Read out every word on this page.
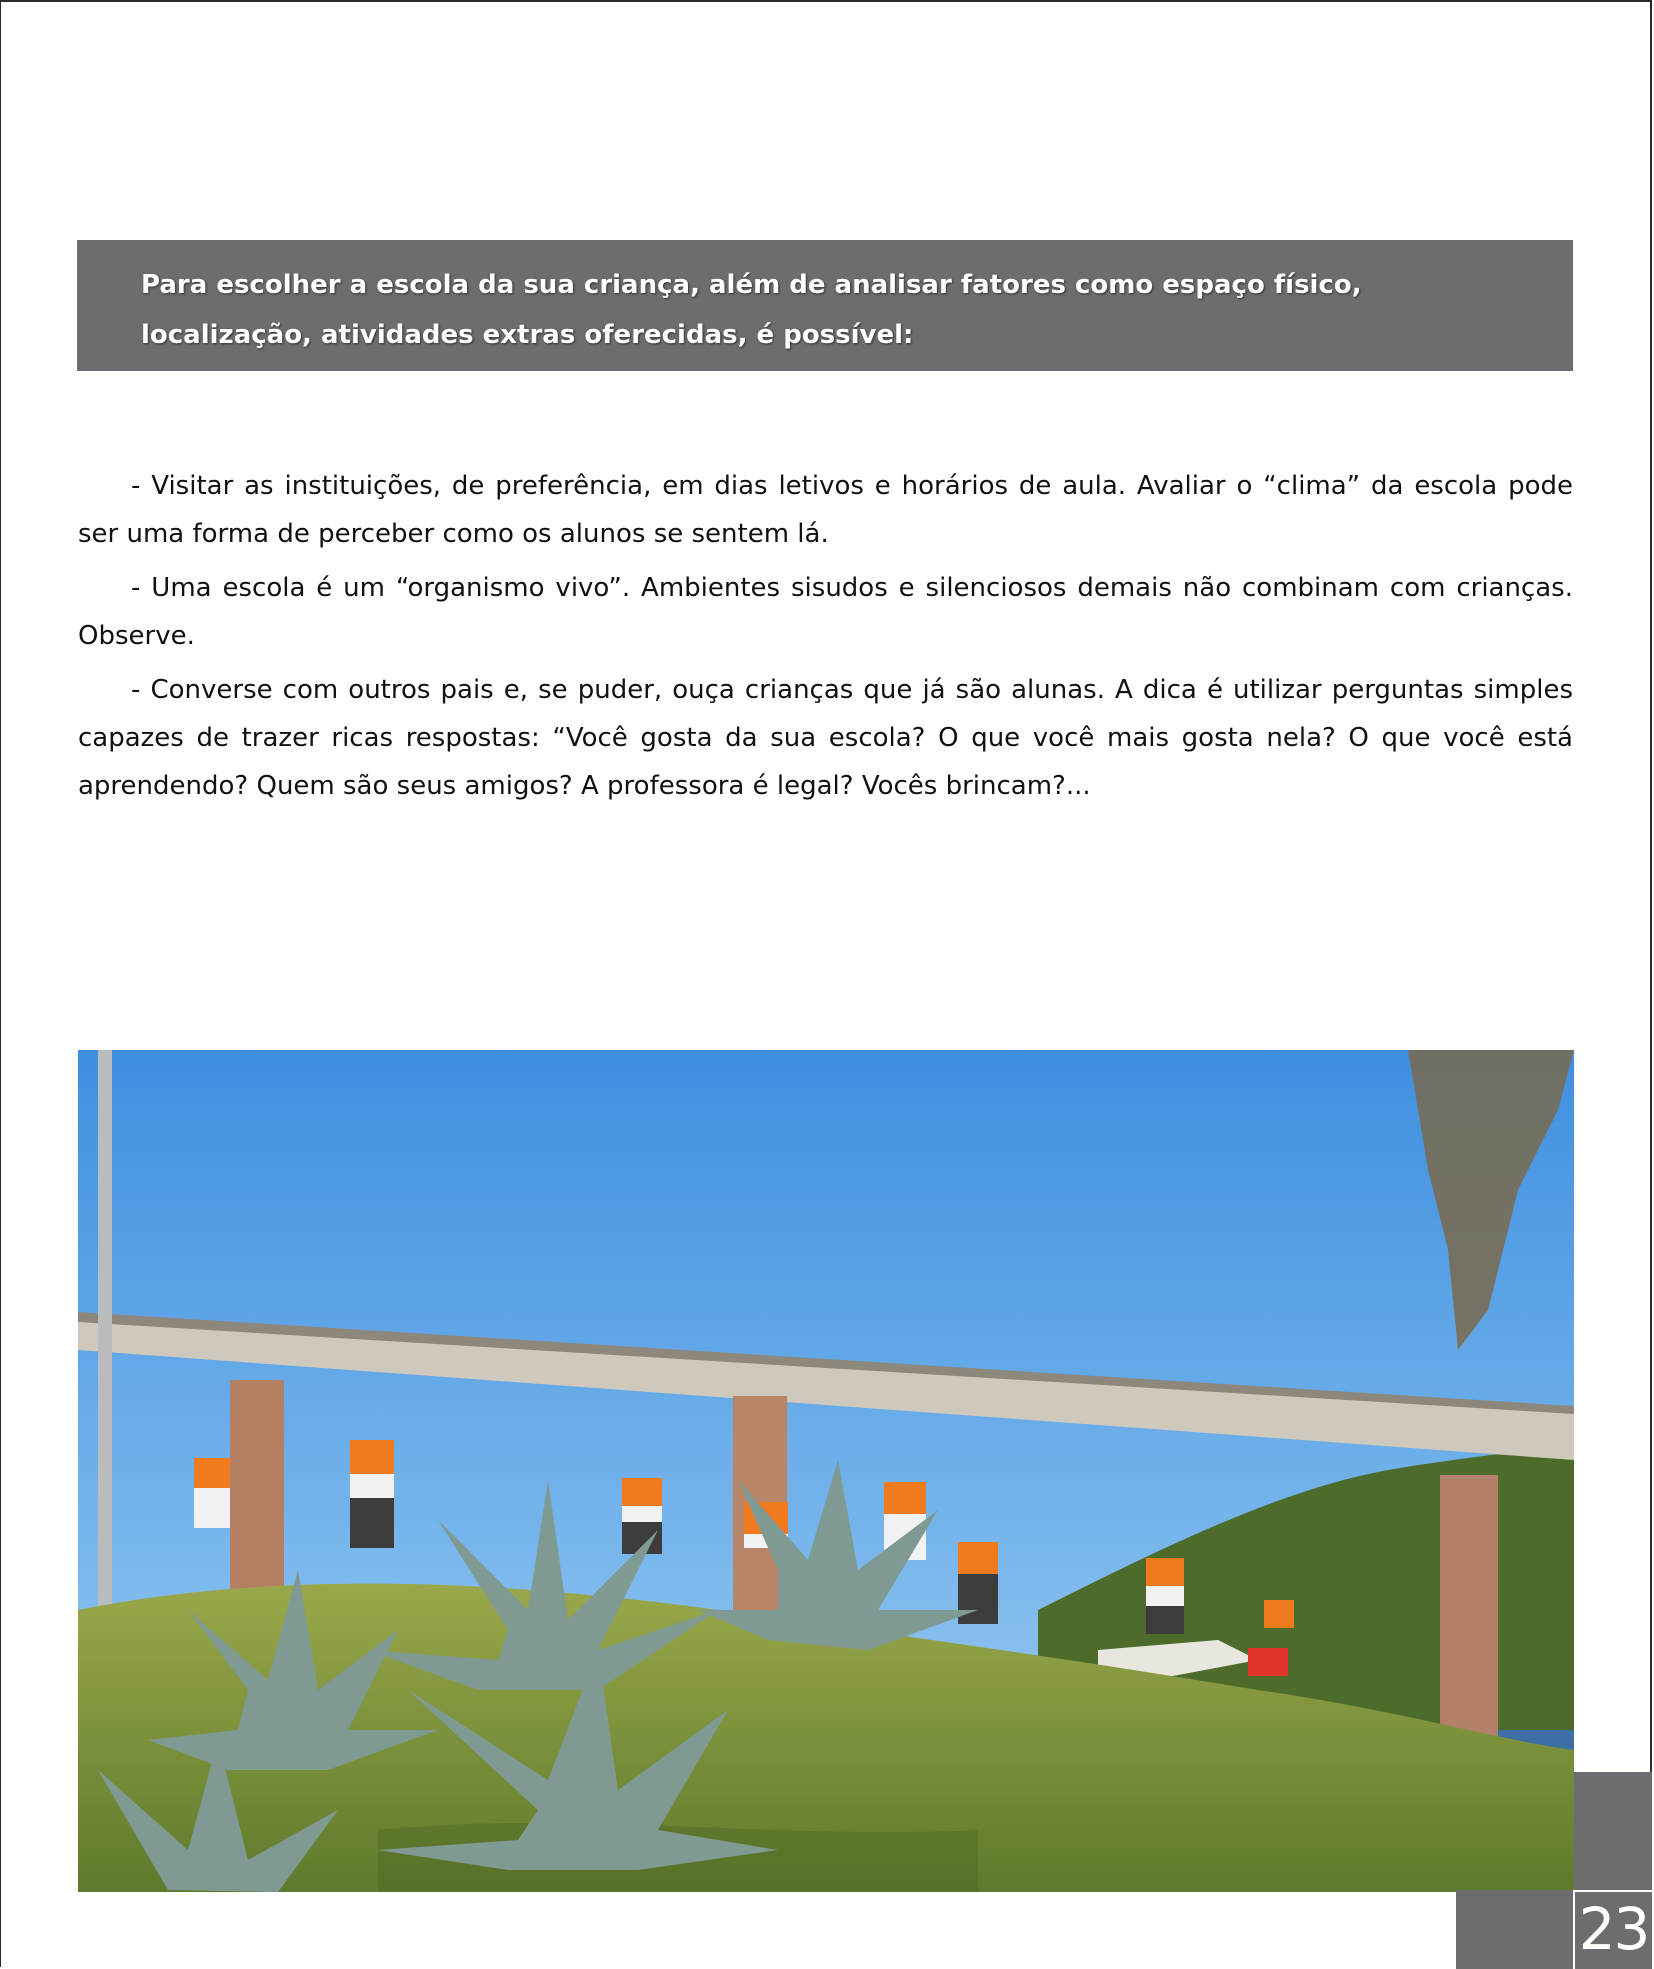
Para escolher a escola da sua criança, além de analisar fatores como espaço físico, localização, atividades extras oferecidas, é possível:

- Visitar as instituições, de preferência, em dias letivos e horários de aula. Avaliar o “clima” da escola pode ser uma forma de perceber como os alunos se sentem lá.

- Uma escola é um “organismo vivo”. Ambientes sisudos e silenciosos demais não combinam com crianças. Observe.

- Converse com outros pais e, se puder, ouça crianças que já são alunas. A dica é utilizar perguntas simples capazes de trazer ricas respostas: “Você gosta da sua escola? O que você mais gosta nela? O que você está aprendendo? Quem são seus amigos? A professora é legal? Vocês brincam?...

23
